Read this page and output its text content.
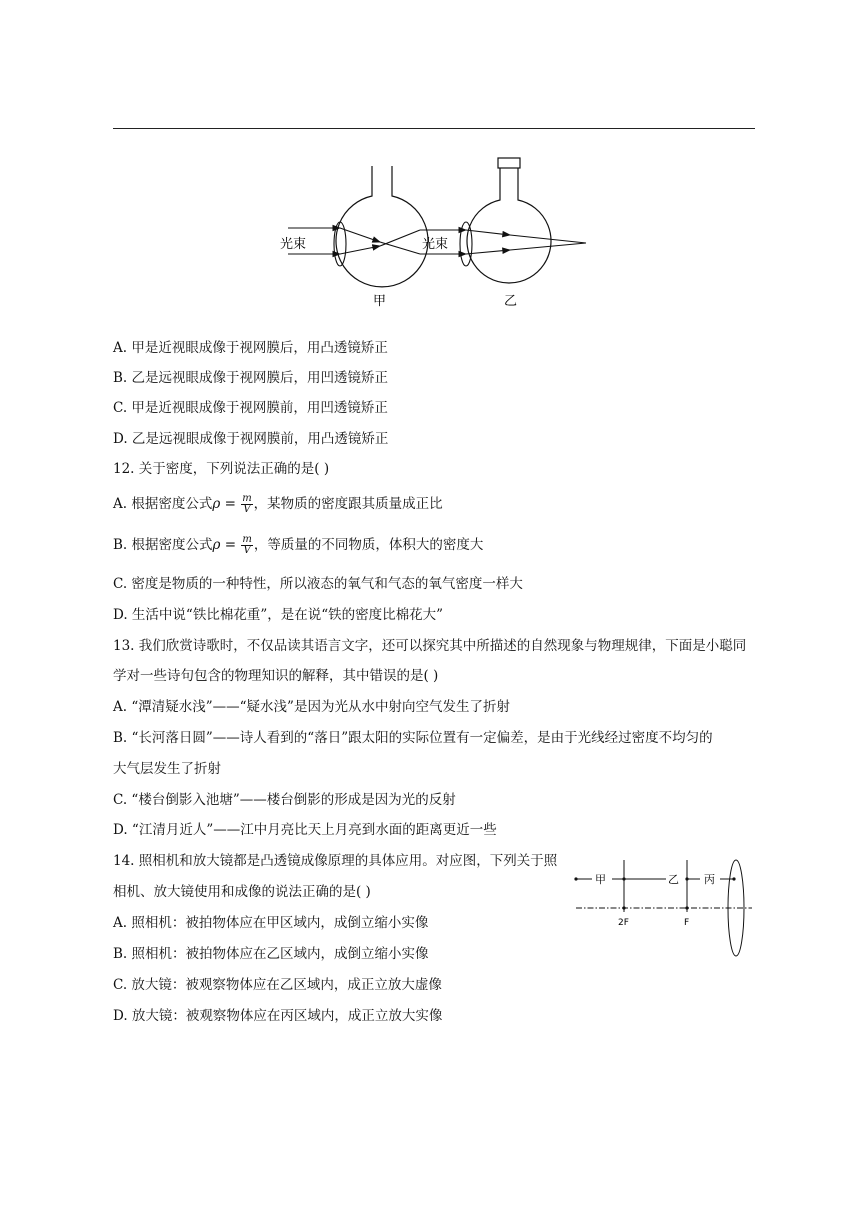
光束	光束
甲	乙
A. 甲是近视眼成像于视网膜后，用凸透镜矫正
B. 乙是远视眼成像于视网膜后，用凹透镜矫正
C. 甲是近视眼成像于视网膜前，用凹透镜矫正
D. 乙是远视眼成像于视网膜前，用凸透镜矫正
12. 关于密度，下列说法正确的是( )
A. 根据密度公式$\rho = \frac{m}{V}$ ，某物质的密度跟其质量成正比
B. 根据密度公式$\rho = \frac{m}{V}$ ，等质量的不同物质，体积大的密度大
C. 密度是物质的一种特性，所以液态的氧气和气态的氧气密度一样大
D. 生活中说“铁比棉花重”，是在说“铁的密度比棉花大”
13. 我们欣赏诗歌时，不仅品读其语言文字，还可以探究其中所描述的自然现象与物理规律，下面是小聪同
学对一些诗句包含的物理知识的解释，其中错误的是( )
A. “潭清疑水浅”——“疑水浅”是因为光从水中射向空气发生了折射
B. “长河落日圆”——诗人看到的“落日”跟太阳的实际位置有一定偏差，是由于光线经过密度不均匀的
大气层发生了折射
C. “楼台倒影入池塘”——楼台倒影的形成是因为光的反射
D. “江清月近人”——江中月亮比天上月亮到水面的距离更近一些
14. 照相机和放大镜都是凸透镜成像原理的具体应用。对应图，下列关于照
相机、放大镜使用和成像的说法正确的是( )
A. 照相机：被拍物体应在甲区域内，成倒立缩小实像
B. 照相机：被拍物体应在乙区域内，成倒立缩小实像
C. 放大镜：被观察物体应在乙区域内，成正立放大虚像
D. 放大镜：被观察物体应在丙区域内，成正立放大实像
甲	乙 丙
2F	F
